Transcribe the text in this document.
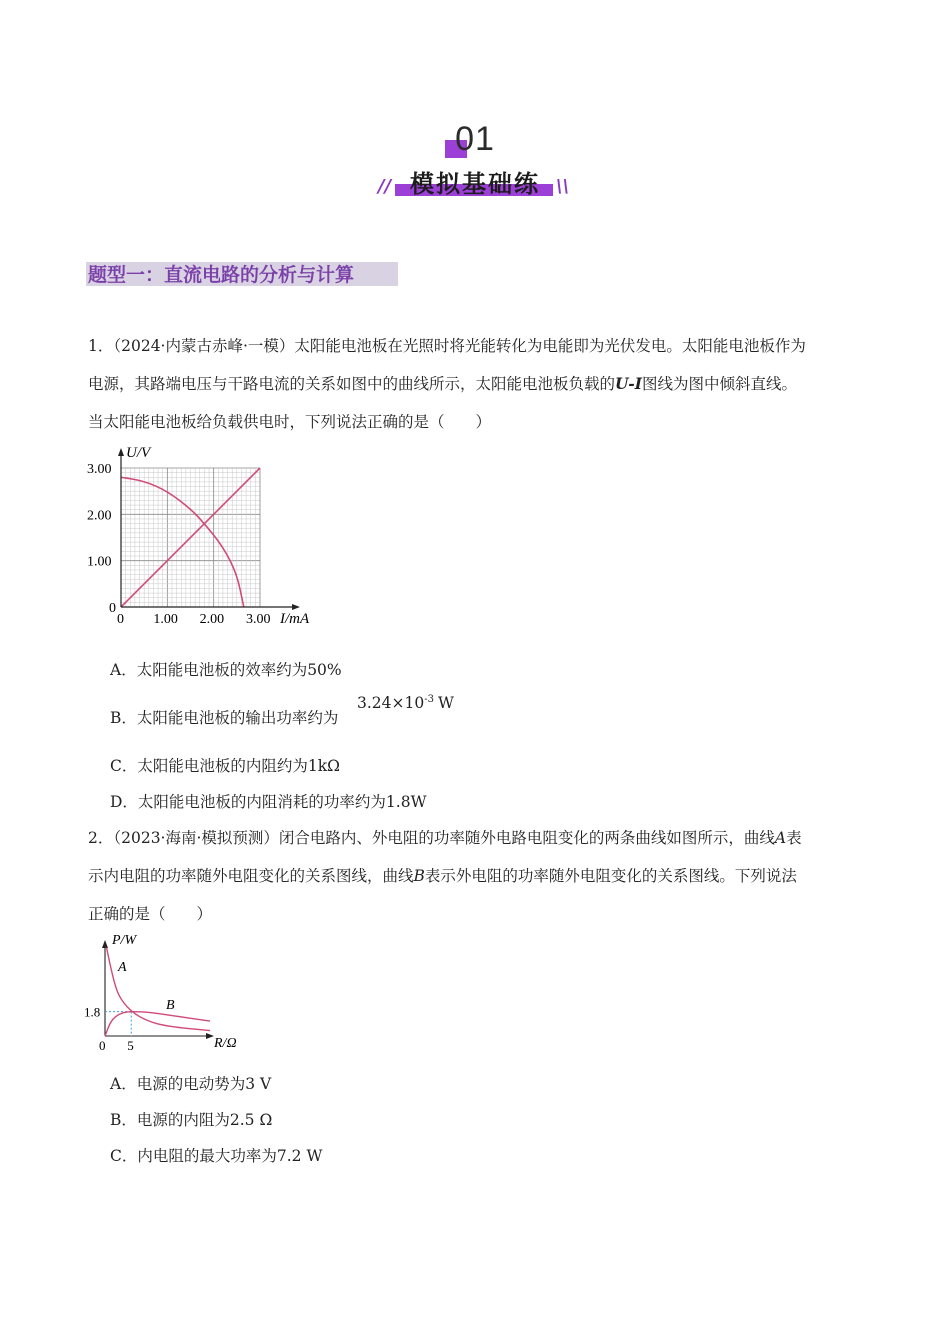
01
模拟基础练
//	\\
题型一：直流电路的分析与计算
1．（2024·内蒙古赤峰·一模）太阳能电池板在光照时将光能转化为电能即为光伏发电。太阳能电池板作为
电源，其路端电压与干路电流的关系如图中的曲线所示，太阳能电池板负载的U-I图线为图中倾斜直线。
当太阳能电池板给负载供电时，下列说法正确的是（　　）
0 1.00 2.00 3.00
0
1.00
2.00
3.00
U/V
I/mA
A．太阳能电池板的效率约为50%
B．太阳能电池板的输出功率约为
$3.24\times 10^{-3}$ W
C．太阳能电池板的内阻约为1kΩ
D．太阳能电池板的内阻消耗的功率约为1.8W
2．（2023·海南·模拟预测）闭合电路内、外电阻的功率随外电路电阻变化的两条曲线如图所示，曲线A表
示内电阻的功率随外电阻变化的关系图线，曲线B表示外电阻的功率随外电阻变化的关系图线。下列说法
正确的是（　　）
P/W
R/Ω
A
B
0 5
1.8
A．电源的电动势为3 V
B．电源的内阻为2.5 Ω
C．内电阻的最大功率为7.2 W
